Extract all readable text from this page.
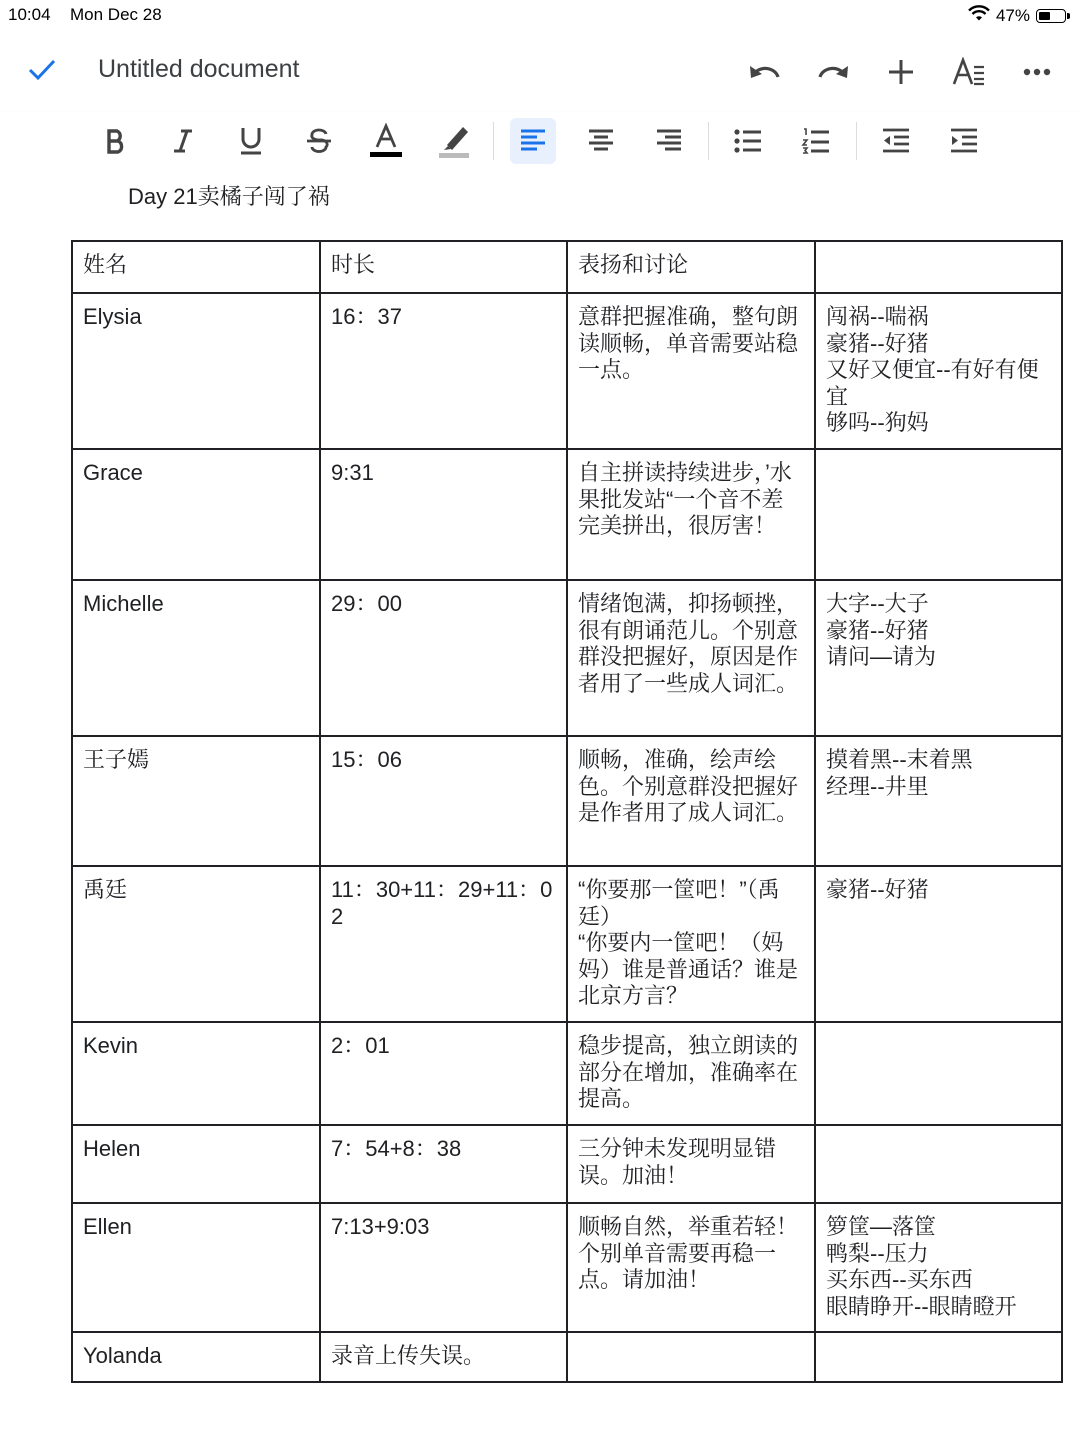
10:04 Mon Dec 28	47%
Untitled document
Day 21卖橘子闯了祸
姓名	时长	表扬和讨论	
Elysia	16：37	意群把握准确，整句朗读顺畅，单音需要站稳一点。	闯祸--喘祸
豪猪--好猪
又好又便宜--有好有便宜
够吗--狗妈
Grace	9:31	自主拼读持续进步，’水果批发站“一个音不差完美拼出，很厉害！	
Michelle	29：00	情绪饱满，抑扬顿挫，很有朗诵范儿。个别意群没把握好，原因是作者用了一些成人词汇。	大字--大子
豪猪--好猪
请问—请为
王子嫣	15：06	顺畅，准确，绘声绘色。个别意群没把握好是作者用了成人词汇。	摸着黑--末着黑
经理--井里
禹廷	11：30+11：29+11：02	“你要那一筐吧！”（禹廷）
“你要内一筐吧！（妈妈）谁是普通话？谁是北京方言？	豪猪--好猪
Kevin	2：01	稳步提高，独立朗读的部分在增加，准确率在提高。	
Helen	7：54+8：38	三分钟未发现明显错误。加油！	
Ellen	7:13+9:03	顺畅自然，举重若轻！个别单音需要再稳一点。请加油！	箩筐—落筐
鸭梨--压力
买东西--买东西
眼睛睁开--眼睛瞪开
Yolanda	录音上传失误。		
